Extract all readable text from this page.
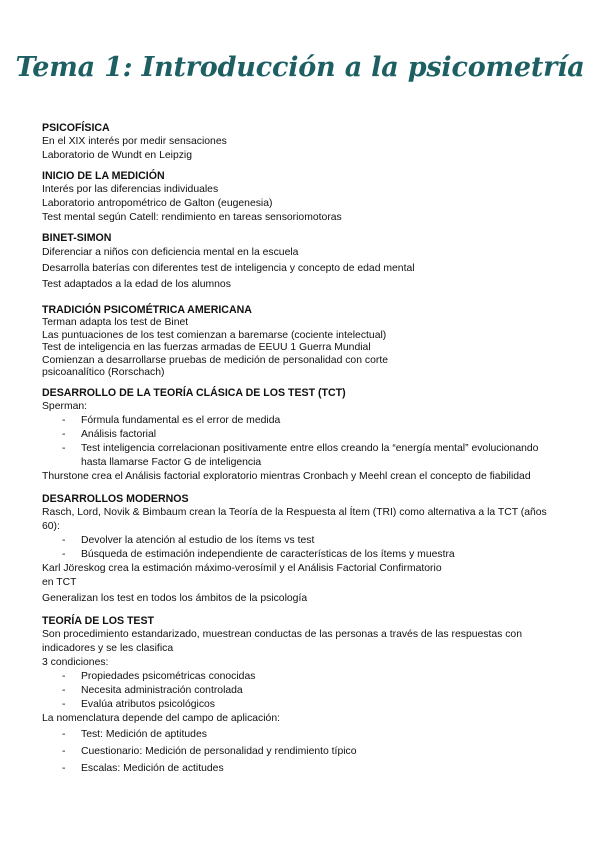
Tema 1: Introducción a la psicometría
PSICOFÍSICA
En el XIX interés por medir sensaciones
Laboratorio de Wundt en Leipzig
INICIO DE LA MEDICIÓN
Interés por las diferencias individuales
Laboratorio antropométrico de Galton (eugenesia)
Test mental según Catell: rendimiento en tareas sensoriomotoras
BINET-SIMON
Diferenciar a niños con deficiencia mental en la escuela
Desarrolla baterías con diferentes test de inteligencia y concepto de edad mental
Test adaptados a la edad de los alumnos
TRADICIÓN PSICOMÉTRICA AMERICANA
Terman adapta los test de Binet
Las puntuaciones de los test comienzan a baremarse (cociente intelectual)
Test de inteligencia en las fuerzas armadas de EEUU 1 Guerra Mundial
Comienzan a desarrollarse pruebas de medición de personalidad con corte
psicoanalítico (Rorschach)
DESARROLLO DE LA TEORÍA CLÁSICA DE LOS TEST (TCT)
Sperman:
- Fórmula fundamental es el error de medida
- Análisis factorial
- Test inteligencia correlacionan positivamente entre ellos creando la “energía mental” evolucionando hasta llamarse Factor G de inteligencia
Thurstone crea el Análisis factorial exploratorio mientras Cronbach y Meehl crean el concepto de fiabilidad
DESARROLLOS MODERNOS
Rasch, Lord, Novik & Bimbaum crean la Teoría de la Respuesta al Ítem (TRI) como alternativa a la TCT (años 60):
- Devolver la atención al estudio de los ítems vs test
- Búsqueda de estimación independiente de características de los ítems y muestra
Karl Jöreskog crea la estimación máximo-verosímil y el Análisis Factorial Confirmatorio
en TCT
Generalizan los test en todos los ámbitos de la psicología
TEORÍA DE LOS TEST
Son procedimiento estandarizado, muestrean conductas de las personas a través de las respuestas con indicadores y se les clasifica
3 condiciones:
- Propiedades psicométricas conocidas
- Necesita administración controlada
- Evalúa atributos psicológicos
La nomenclatura depende del campo de aplicación:
- Test: Medición de aptitudes
- Cuestionario: Medición de personalidad y rendimiento típico
- Escalas: Medición de actitudes
